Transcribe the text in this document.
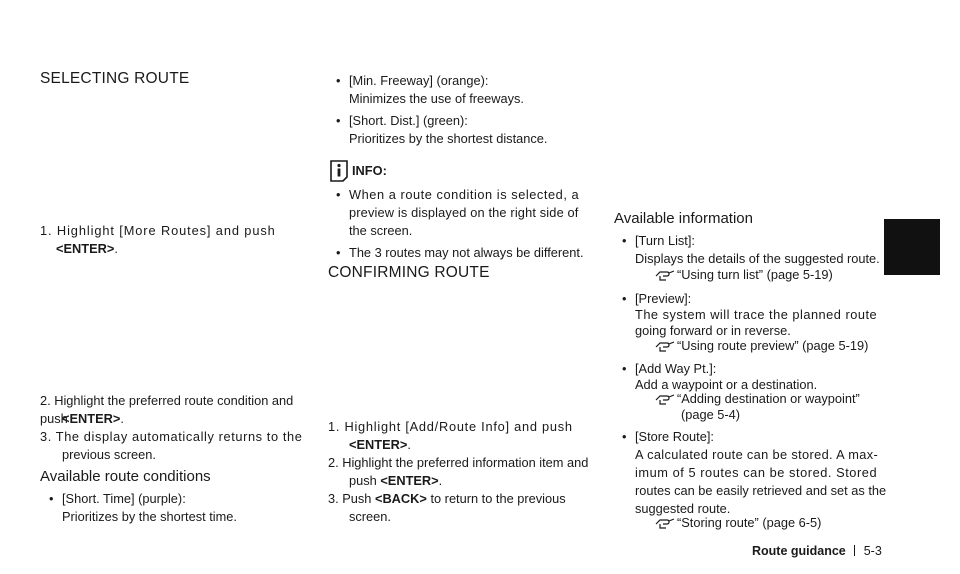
SELECTING ROUTE
1. Highlight [More Routes] and push
<ENTER>.
2. Highlight the preferred route condition and push
<ENTER>.
3. The display automatically returns to the
previous screen.
Available route conditions
• [Short. Time] (purple):
Prioritizes by the shortest time.
• [Min. Freeway] (orange):
Minimizes the use of freeways.
• [Short. Dist.] (green):
Prioritizes by the shortest distance.
INFO:
• When a route condition is selected, a
preview is displayed on the right side of
the screen.
• The 3 routes may not always be different.
CONFIRMING ROUTE
1. Highlight [Add/Route Info] and push
<ENTER>.
2. Highlight the preferred information item and
push <ENTER>.
3. Push <BACK> to return to the previous
screen.
Available information
• [Turn List]:
Displays the details of the suggested route.
“Using turn list” (page 5-19)
• [Preview]:
The system will trace the planned route
going forward or in reverse.
“Using route preview” (page 5-19)
• [Add Way Pt.]:
Add a waypoint or a destination.
“Adding destination or waypoint”
(page 5-4)
• [Store Route]:
A calculated route can be stored. A max-
imum of 5 routes can be stored. Stored
routes can be easily retrieved and set as the
suggested route.
“Storing route” (page 6-5)
Route guidance 5-3
